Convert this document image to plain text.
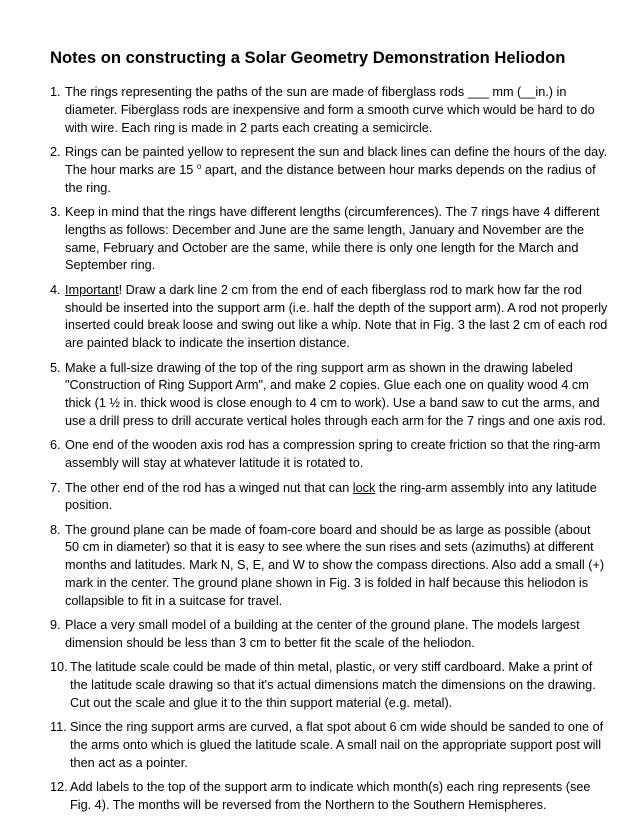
Notes on constructing a Solar Geometry Demonstration Heliodon
1. The rings representing the paths of the sun are made of fiberglass rods ___ mm (__in.) in diameter. Fiberglass rods are inexpensive and form a smooth curve which would be hard to do with wire. Each ring is made in 2 parts each creating a semicircle.
2. Rings can be painted yellow to represent the sun and black lines can define the hours of the day. The hour marks are 15 $^o$ apart, and the distance between hour marks depends on the radius of the ring.
3. Keep in mind that the rings have different lengths (circumferences). The 7 rings have 4 different lengths as follows: December and June are the same length, January and November are the same, February and October are the same, while there is only one length for the March and September ring.
4. Important! Draw a dark line 2 cm from the end of each fiberglass rod to mark how far the rod should be inserted into the support arm (i.e. half the depth of the support arm). A rod not properly inserted could break loose and swing out like a whip. Note that in Fig. 3 the last 2 cm of each rod are painted black to indicate the insertion distance.
5. Make a full-size drawing of the top of the ring support arm as shown in the drawing labeled "Construction of Ring Support Arm", and make 2 copies. Glue each one on quality wood 4 cm thick (1 ½ in. thick wood is close enough to 4 cm to work). Use a band saw to cut the arms, and use a drill press to drill accurate vertical holes through each arm for the 7 rings and one axis rod.
6. One end of the wooden axis rod has a compression spring to create friction so that the ring-arm assembly will stay at whatever latitude it is rotated to.
7. The other end of the rod has a winged nut that can lock the ring-arm assembly into any latitude position.
8. The ground plane can be made of foam-core board and should be as large as possible (about 50 cm in diameter) so that it is easy to see where the sun rises and sets (azimuths) at different months and latitudes. Mark N, S, E, and W to show the compass directions. Also add a small (+) mark in the center. The ground plane shown in Fig. 3 is folded in half because this heliodon is collapsible to fit in a suitcase for travel.
9. Place a very small model of a building at the center of the ground plane. The models largest dimension should be less than 3 cm to better fit the scale of the heliodon.
10. The latitude scale could be made of thin metal, plastic, or very stiff cardboard. Make a print of the latitude scale drawing so that it's actual dimensions match the dimensions on the drawing. Cut out the scale and glue it to the thin support material (e.g. metal).
11. Since the ring support arms are curved, a flat spot about 6 cm wide should be sanded to one of the arms onto which is glued the latitude scale. A small nail on the appropriate support post will then act as a pointer.
12. Add labels to the top of the support arm to indicate which month(s) each ring represents (see Fig. 4). The months will be reversed from the Northern to the Southern Hemispheres.
